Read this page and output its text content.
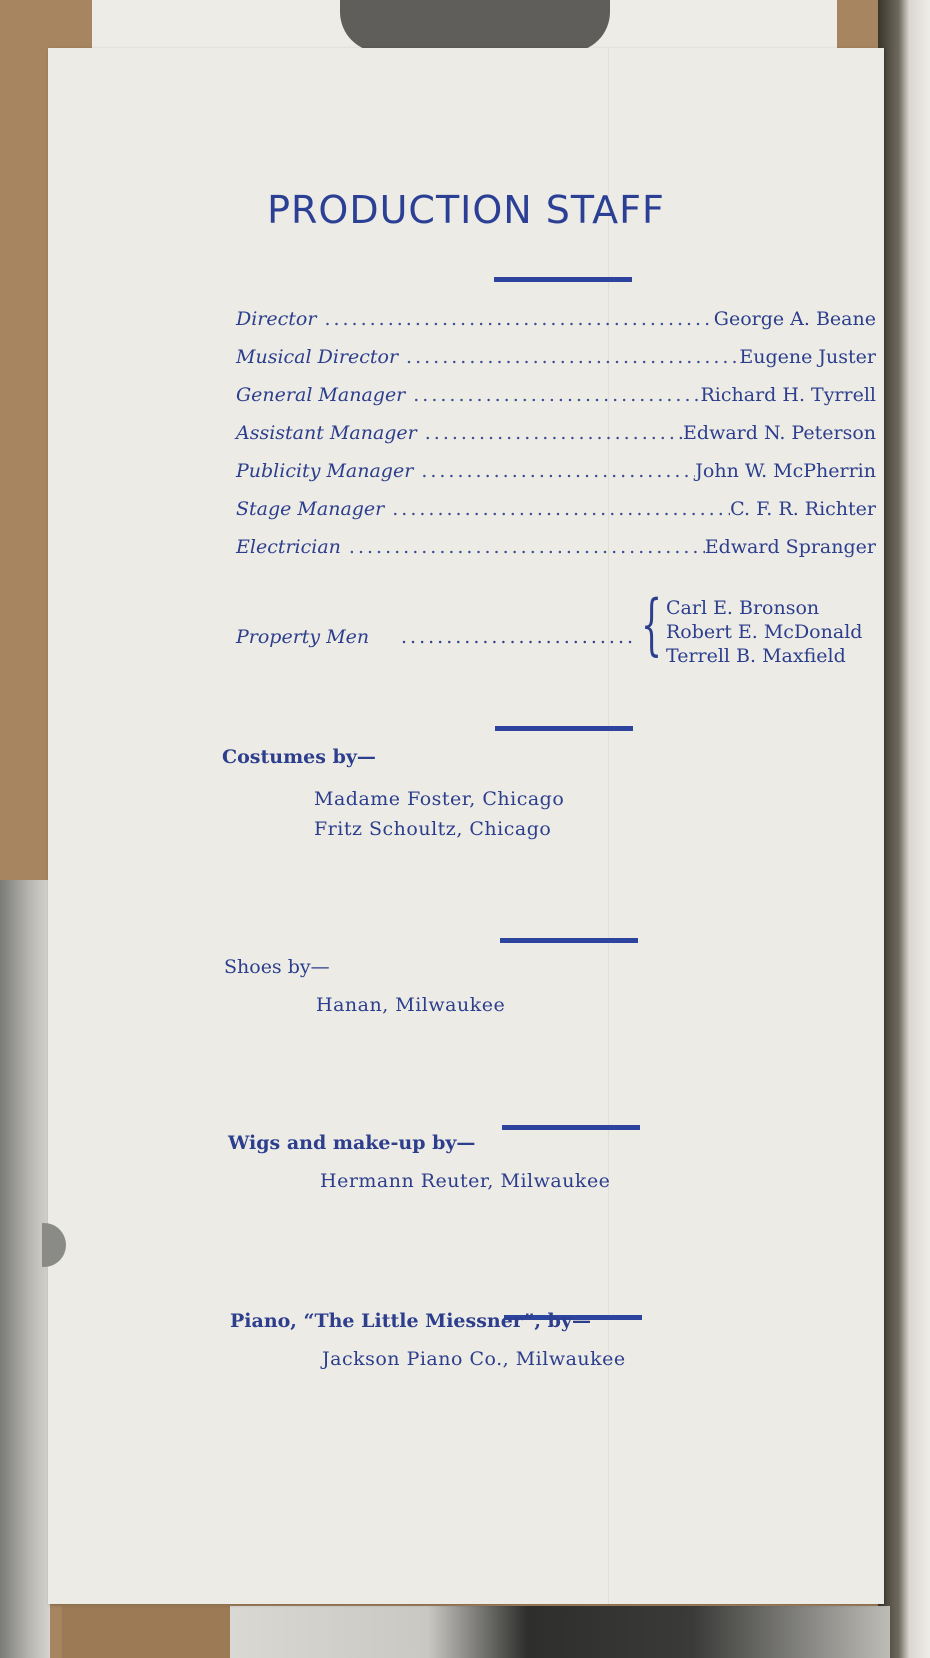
PRODUCTION STAFF
Director .....	George A. Beane
Musical Director .....	Eugene Juster
General Manager .....	Richard H. Tyrrell
Assistant Manager .....	Edward N. Peterson
Publicity Manager .....	John W. McPherrin
Stage Manager .....	C. F. R. Richter
Electrician .....	Edward Spranger
Property Men .....	{ Carl E. Bronson
Robert E. McDonald
Terrell B. Maxfield
Costumes by—
Madame Foster, Chicago
Fritz Schoultz, Chicago
Shoes by—
Hanan, Milwaukee
Wigs and make-up by—
Hermann Reuter, Milwaukee
Piano, “The Little Miessner”, by—
Jackson Piano Co., Milwaukee
